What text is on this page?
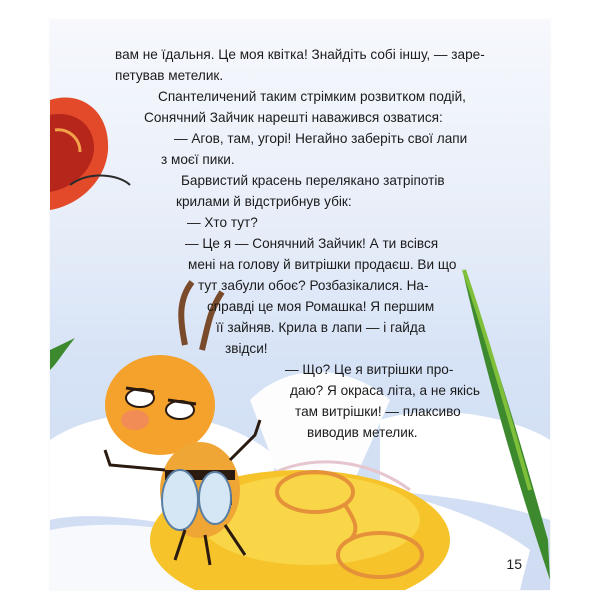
вам не їдальня. Це моя квітка! Знайдіть собі іншу, — заре-
петував метелик.
Спантеличений таким стрімким розвитком подій,
Сонячний Зайчик нарешті наважився озватися:
— Агов, там, угорі! Негайно заберіть свої лапи
з моєї пики.
Барвистий красень перелякано затріпотів
крилами й відстрибнув убік:
— Хто тут?
— Це я — Сонячний Зайчик! А ти всівся
мені на голову й витрішки продаєш. Ви що
тут забули обоє? Розбазікалися. На-
справді це моя Ромашка! Я першим
її зайняв. Крила в лапи — і гайда
звідси!
— Що? Це я витрішки про-
даю? Я окраса літа, а не якісь
там витрішки! — плаксиво
виводив метелик.
15
